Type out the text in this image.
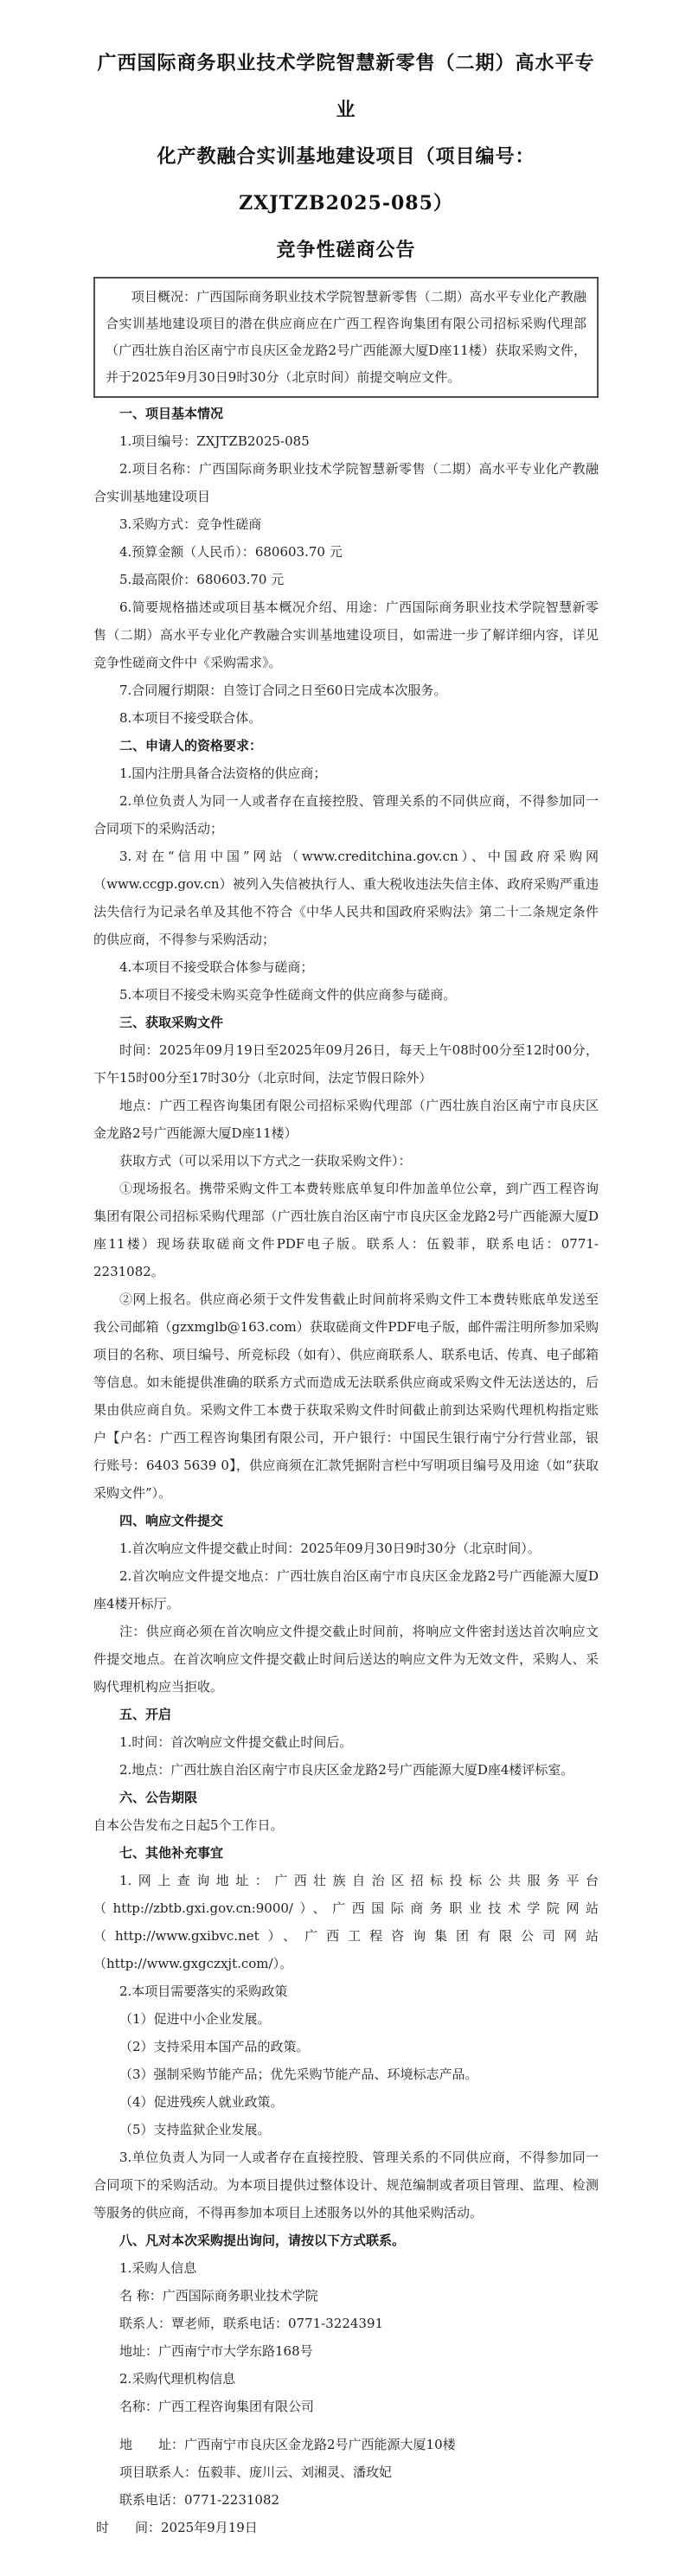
广西国际商务职业技术学院智慧新零售（二期）高水平专业
化产教融合实训基地建设项目（项目编号：ZXJTZB2025-085）
竞争性磋商公告

项目概况：广西国际商务职业技术学院智慧新零售（二期）高水平专业化产教融合实训基地建设项目的潜在供应商应在广西工程咨询集团有限公司招标采购代理部（广西壮族自治区南宁市良庆区金龙路2号广西能源大厦D座11楼）获取采购文件，并于2025年9月30日9时30分（北京时间）前提交响应文件。

一、项目基本情况

1.项目编号：ZXJTZB2025-085

2.项目名称：广西国际商务职业技术学院智慧新零售（二期）高水平专业化产教融合实训基地建设项目

3.采购方式：竞争性磋商

4.预算金额（人民币）：680603.70 元

5.最高限价：680603.70 元

6.简要规格描述或项目基本概况介绍、用途：广西国际商务职业技术学院智慧新零售（二期）高水平专业化产教融合实训基地建设项目，如需进一步了解详细内容，详见竞争性磋商文件中《采购需求》。

7.合同履行期限：自签订合同之日至60日完成本次服务。

8.本项目不接受联合体。

二、申请人的资格要求：

1.国内注册具备合法资格的供应商；

2.单位负责人为同一人或者存在直接控股、管理关系的不同供应商，不得参加同一合同项下的采购活动；

3.对在“信用中国”网站（www.creditchina.gov.cn）、中国政府采购网（www.ccgp.gov.cn）被列入失信被执行人、重大税收违法失信主体、政府采购严重违法失信行为记录名单及其他不符合《中华人民共和国政府采购法》第二十二条规定条件的供应商，不得参与采购活动；

4.本项目不接受联合体参与磋商；

5.本项目不接受未购买竞争性磋商文件的供应商参与磋商。

三、获取采购文件

时间：2025年09月19日至2025年09月26日，每天上午08时00分至12时00分，下午15时00分至17时30分（北京时间，法定节假日除外）

地点：广西工程咨询集团有限公司招标采购代理部（广西壮族自治区南宁市良庆区金龙路2号广西能源大厦D座11楼）

获取方式（可以采用以下方式之一获取采购文件）：

①现场报名。携带采购文件工本费转账底单复印件加盖单位公章，到广西工程咨询集团有限公司招标采购代理部（广西壮族自治区南宁市良庆区金龙路2号广西能源大厦D座11楼）现场获取磋商文件PDF电子版。联系人：伍毅菲，联系电话：0771-2231082。

②网上报名。供应商必须于文件发售截止时间前将采购文件工本费转账底单发送至我公司邮箱（gzxmglb@163.com）获取磋商文件PDF电子版，邮件需注明所参加采购项目的名称、项目编号、所竞标段（如有）、供应商联系人、联系电话、传真、电子邮箱等信息。如未能提供准确的联系方式而造成无法联系供应商或采购文件无法送达的，后果由供应商自负。采购文件工本费于获取采购文件时间截止前到达采购代理机构指定账户【户名：广西工程咨询集团有限公司，开户银行：中国民生银行南宁分行营业部，银行账号：6403 5639 0】，供应商须在汇款凭据附言栏中写明项目编号及用途（如“获取采购文件”）。

四、响应文件提交

1.首次响应文件提交截止时间：2025年09月30日9时30分（北京时间）。

2.首次响应文件提交地点：广西壮族自治区南宁市良庆区金龙路2号广西能源大厦D座4楼开标厅。

注：供应商必须在首次响应文件提交截止时间前，将响应文件密封送达首次响应文件提交地点。在首次响应文件提交截止时间后送达的响应文件为无效文件，采购人、采购代理机构应当拒收。

五、开启

1.时间：首次响应文件提交截止时间后。

2.地点：广西壮族自治区南宁市良庆区金龙路2号广西能源大厦D座4楼评标室。

六、公告期限

自本公告发布之日起5个工作日。

七、其他补充事宜

1.网上查询地址：广西壮族自治区招标投标公共服务平台（http://zbtb.gxi.gov.cn:9000/）、广西国际商务职业技术学院网站（http://www.gxibvc.net）、广西工程咨询集团有限公司网站（http://www.gxgczxjt.com/）。

2.本项目需要落实的采购政策

（1）促进中小企业发展。

（2）支持采用本国产品的政策。

（3）强制采购节能产品；优先采购节能产品、环境标志产品。

（4）促进残疾人就业政策。

（5）支持监狱企业发展。

3.单位负责人为同一人或者存在直接控股、管理关系的不同供应商，不得参加同一合同项下的采购活动。为本项目提供过整体设计、规范编制或者项目管理、监理、检测等服务的供应商，不得再参加本项目上述服务以外的其他采购活动。

八、凡对本次采购提出询问，请按以下方式联系。

1.采购人信息

名 称：广西国际商务职业技术学院

联系人：覃老师，联系电话：0771-3224391

地址：广西南宁市大学东路168号

2.采购代理机构信息

名称：广西工程咨询集团有限公司

地　　址：广西南宁市良庆区金龙路2号广西能源大厦10楼

项目联系人：伍毅菲、庞川云、刘湘灵、潘玫妃

联系电话：0771-2231082

时　　间：2025年9月19日
